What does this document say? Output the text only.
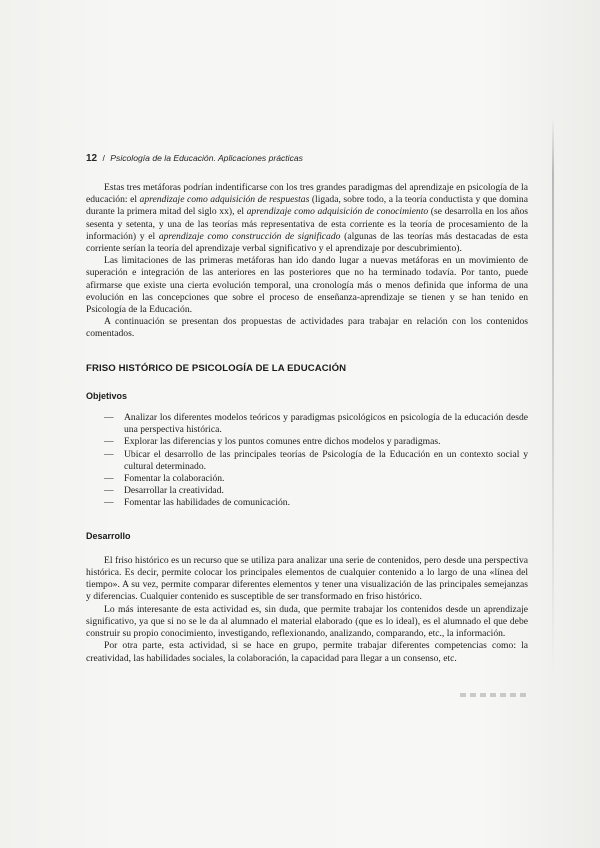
12 / Psicología de la Educación. Aplicaciones prácticas

Estas tres metáforas podrían indentificarse con los tres grandes paradigmas del aprendizaje en psicología de la educación: el aprendizaje como adquisición de respuestas (ligada, sobre todo, a la teoría conductista y que domina durante la primera mitad del siglo xx), el aprendizaje como adquisición de conocimiento (se desarrolla en los años sesenta y setenta, y una de las teorías más representativa de esta corriente es la teoría de procesamiento de la información) y el aprendizaje como construcción de significado (algunas de las teorías más destacadas de esta corriente serían la teoría del aprendizaje verbal significativo y el aprendizaje por descubrimiento).

Las limitaciones de las primeras metáforas han ido dando lugar a nuevas metáforas en un movimiento de superación e integración de las anteriores en las posteriores que no ha terminado todavía. Por tanto, puede afirmarse que existe una cierta evolución temporal, una cronología más o menos definida que informa de una evolución en las concepciones que sobre el proceso de enseñanza-aprendizaje se tienen y se han tenido en Psicología de la Educación.

A continuación se presentan dos propuestas de actividades para trabajar en relación con los contenidos comentados.

FRISO HISTÓRICO DE PSICOLOGÍA DE LA EDUCACIÓN
Objetivos
— Analizar los diferentes modelos teóricos y paradigmas psicológicos en psicología de la educación desde una perspectiva histórica.
— Explorar las diferencias y los puntos comunes entre dichos modelos y paradigmas.
— Ubicar el desarrollo de las principales teorías de Psicología de la Educación en un contexto social y cultural determinado.
— Fomentar la colaboración.
— Desarrollar la creatividad.
— Fomentar las habilidades de comunicación.
Desarrollo

El friso histórico es un recurso que se utiliza para analizar una serie de contenidos, pero desde una perspectiva histórica. Es decir, permite colocar los principales elementos de cualquier contenido a lo largo de una «línea del tiempo». A su vez, permite comparar diferentes elementos y tener una visualización de las principales semejanzas y diferencias. Cualquier contenido es susceptible de ser transformado en friso histórico.

Lo más interesante de esta actividad es, sin duda, que permite trabajar los contenidos desde un aprendizaje significativo, ya que si no se le da al alumnado el material elaborado (que es lo ideal), es el alumnado el que debe construir su propio conocimiento, investigando, reflexionando, analizando, comparando, etc., la información.

Por otra parte, esta actividad, si se hace en grupo, permite trabajar diferentes competencias como: la creatividad, las habilidades sociales, la colaboración, la capacidad para llegar a un consenso, etc.
